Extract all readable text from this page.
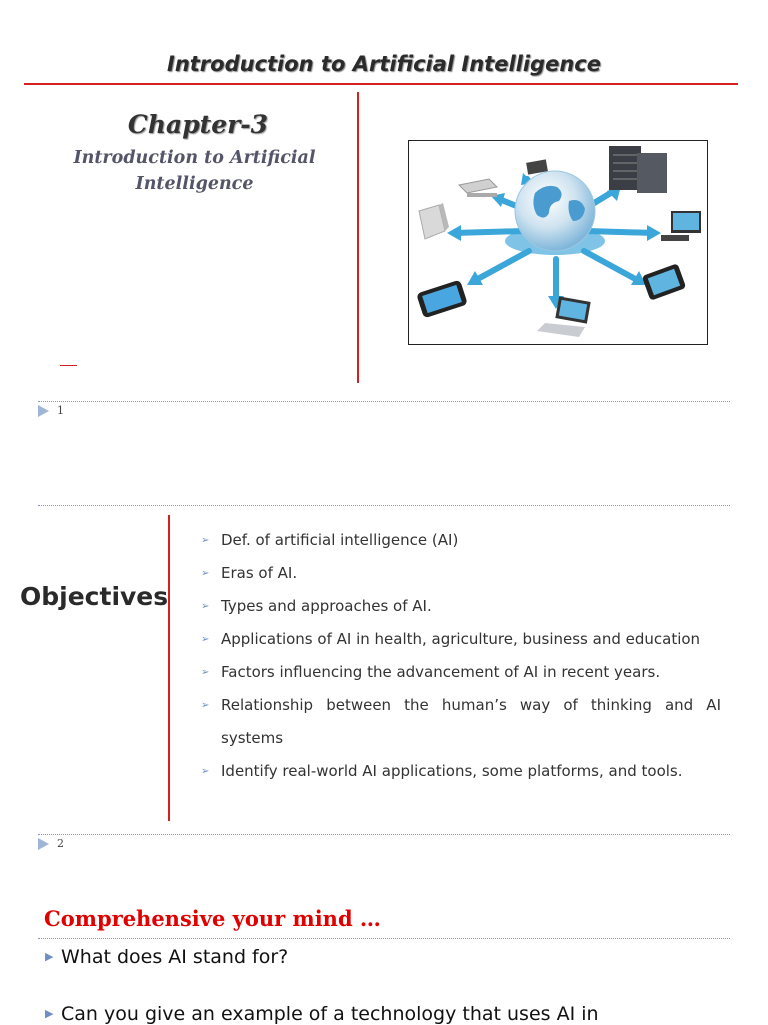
Introduction to Artificial Intelligence
Chapter-3
Introduction to Artificial
Intelligence
1
Objectives
➢ Def. of artificial intelligence (AI)
➢ Eras of AI.
➢ Types and approaches of AI.
➢ Applications of AI in health, agriculture, business and education
➢ Factors influencing the advancement of AI in recent years.
➢ Relationship between the human’s way of thinking and AI systems
➢ Identify real-world AI applications, some platforms, and tools.
2
Comprehensive your mind …
▶ What does AI stand for?
▶ Can you give an example of a technology that uses AI in
